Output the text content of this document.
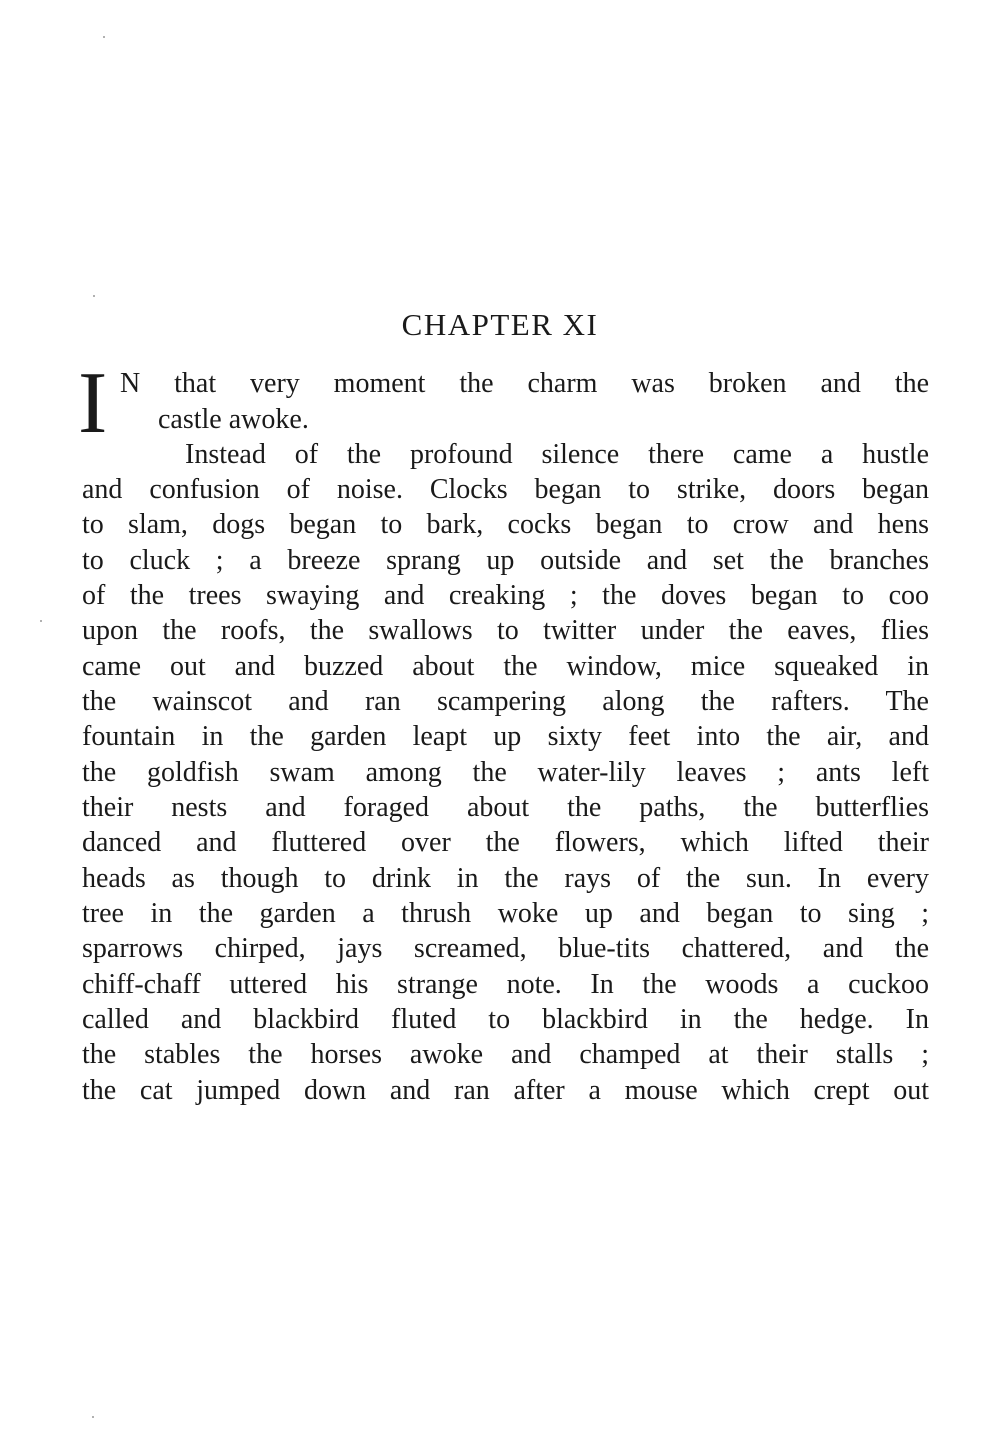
CHAPTER XI
I N that very moment the charm was broken and the
castle awoke.
Instead of the profound silence there came a hustle
and confusion of noise. Clocks began to strike, doors began
to slam, dogs began to bark, cocks began to crow and hens
to cluck ; a breeze sprang up outside and set the branches
of the trees swaying and creaking ; the doves began to coo
upon the roofs, the swallows to twitter under the eaves, flies
came out and buzzed about the window, mice squeaked in
the wainscot and ran scampering along the rafters. The
fountain in the garden leapt up sixty feet into the air, and
the goldfish swam among the water-lily leaves ; ants left
their nests and foraged about the paths, the butterflies
danced and fluttered over the flowers, which lifted their
heads as though to drink in the rays of the sun. In every
tree in the garden a thrush woke up and began to sing ;
sparrows chirped, jays screamed, blue-tits chattered, and the
chiff-chaff uttered his strange note. In the woods a cuckoo
called and blackbird fluted to blackbird in the hedge. In
the stables the horses awoke and champed at their stalls ;
the cat jumped down and ran after a mouse which crept out
